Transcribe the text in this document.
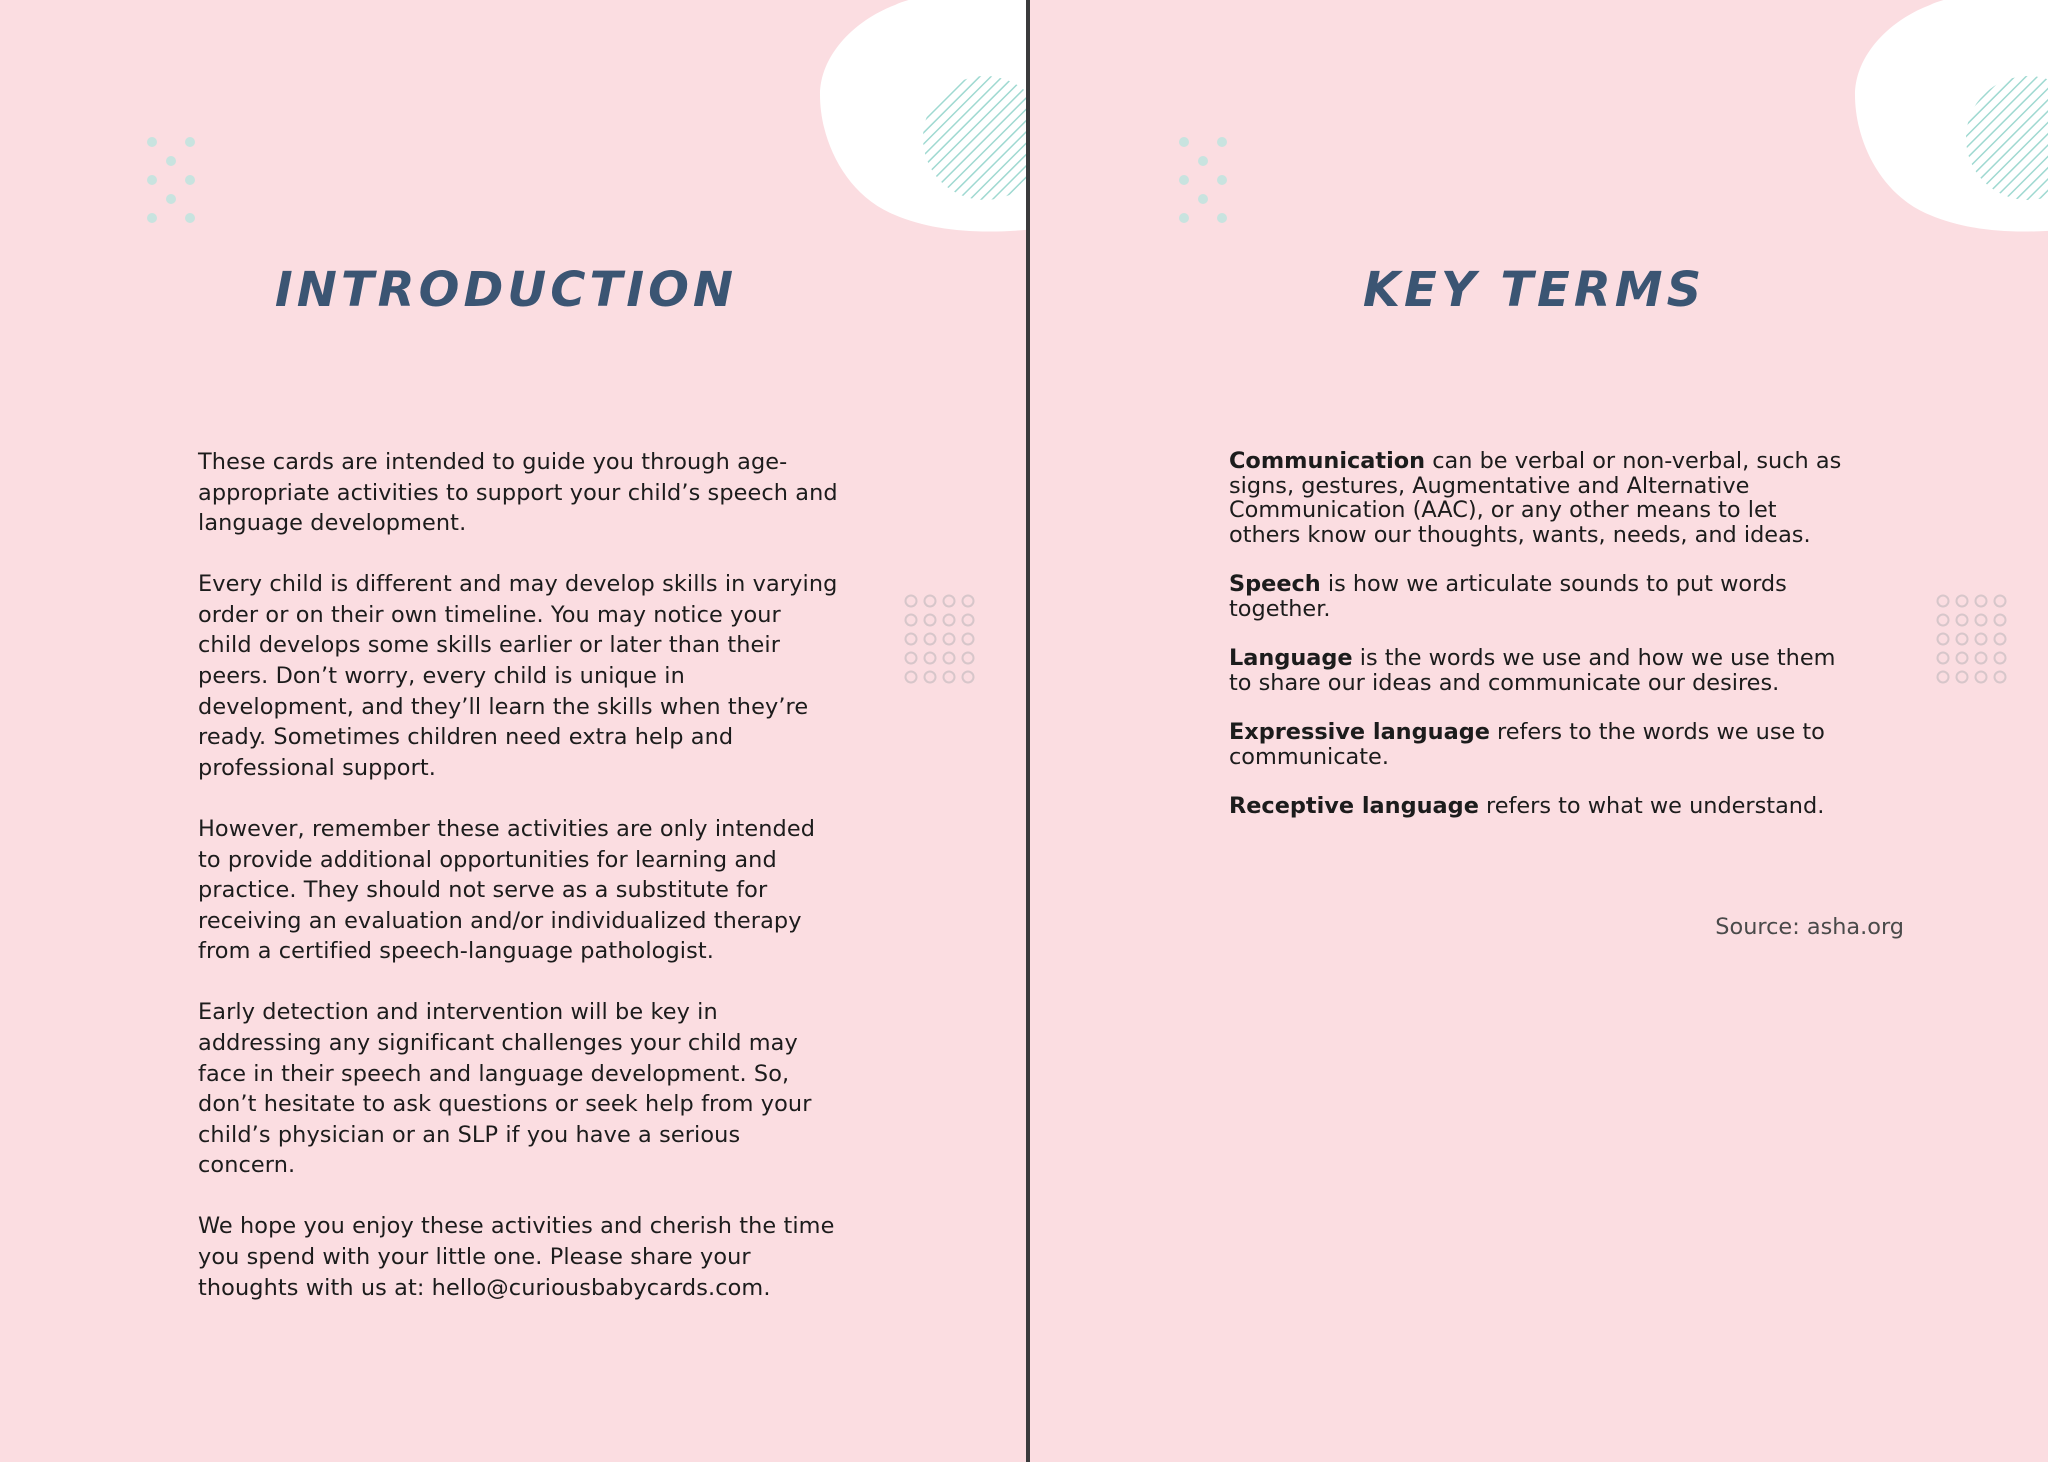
INTRODUCTION

These cards are intended to guide you through age-appropriate activities to support your child’s speech and language development.

Every child is different and may develop skills in varying order or on their own timeline. You may notice your child develops some skills earlier or later than their peers. Don’t worry, every child is unique in development, and they’ll learn the skills when they’re ready. Sometimes children need extra help and professional support.

However, remember these activities are only intended to provide additional opportunities for learning and practice. They should not serve as a substitute for receiving an evaluation and/or individualized therapy from a certified speech-language pathologist.

Early detection and intervention will be key in addressing any significant challenges your child may face in their speech and language development. So, don’t hesitate to ask questions or seek help from your child’s physician or an SLP if you have a serious concern.

We hope you enjoy these activities and cherish the time you spend with your little one. Please share your thoughts with us at: hello@curiousbabycards.com.

KEY TERMS

Communication can be verbal or non-verbal, such as signs, gestures, Augmentative and Alternative Communication (AAC), or any other means to let others know our thoughts, wants, needs, and ideas.

Speech is how we articulate sounds to put words together.

Language is the words we use and how we use them to share our ideas and communicate our desires.

Expressive language refers to the words we use to communicate.

Receptive language refers to what we understand.

Source: asha.org
